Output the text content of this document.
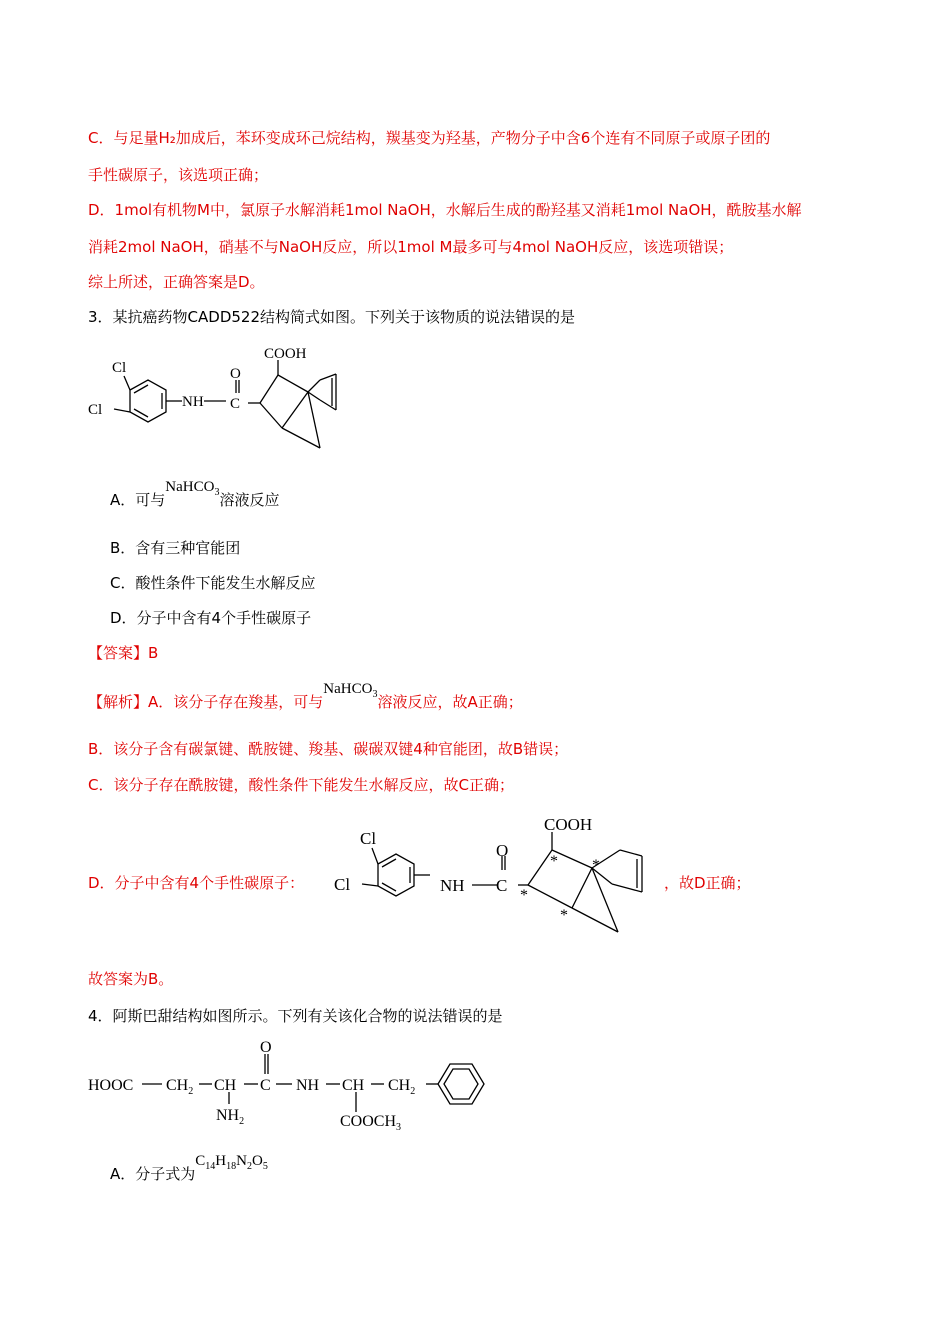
C．与足量H₂加成后，苯环变成环己烷结构，羰基变为羟基，产物分子中含6个连有不同原子或原子团的
手性碳原子，该选项正确；
D．1mol有机物M中，氯原子水解消耗1mol NaOH，水解后生成的酚羟基又消耗1mol NaOH，酰胺基水解
消耗2mol NaOH，硝基不与NaOH反应，所以1mol M最多可与4mol NaOH反应，该选项错误；
综上所述，正确答案是D。
3．某抗癌药物CADD522结构简式如图。下列关于该物质的说法错误的是
Cl
Cl	NH C
O
COOH
A．可与NaHCO$_3$溶液反应
B．含有三种官能团
C．酸性条件下能发生水解反应
D．分子中含有4个手性碳原子
【答案】B
【解析】A．该分子存在羧基，可与NaHCO$_3$溶液反应，故A正确；
B．该分子含有碳氯键、酰胺键、羧基、碳碳双键4种官能团，故B错误；
C．该分子存在酰胺键，酸性条件下能发生水解反应，故C正确；
D．分子中含有4个手性碳原子：
Cl
Cl	NH C
O
COOH
* *
*
*
，故D正确；
故答案为B。
4．阿斯巴甜结构如图所示。下列有关该化合物的说法错误的是
HOOC $CH_2$ CH C
O
NH CH $CH_2$
$NH_2$	$COOCH_3$
A．分子式为$C_{14}H_{18}N_2O_5$
